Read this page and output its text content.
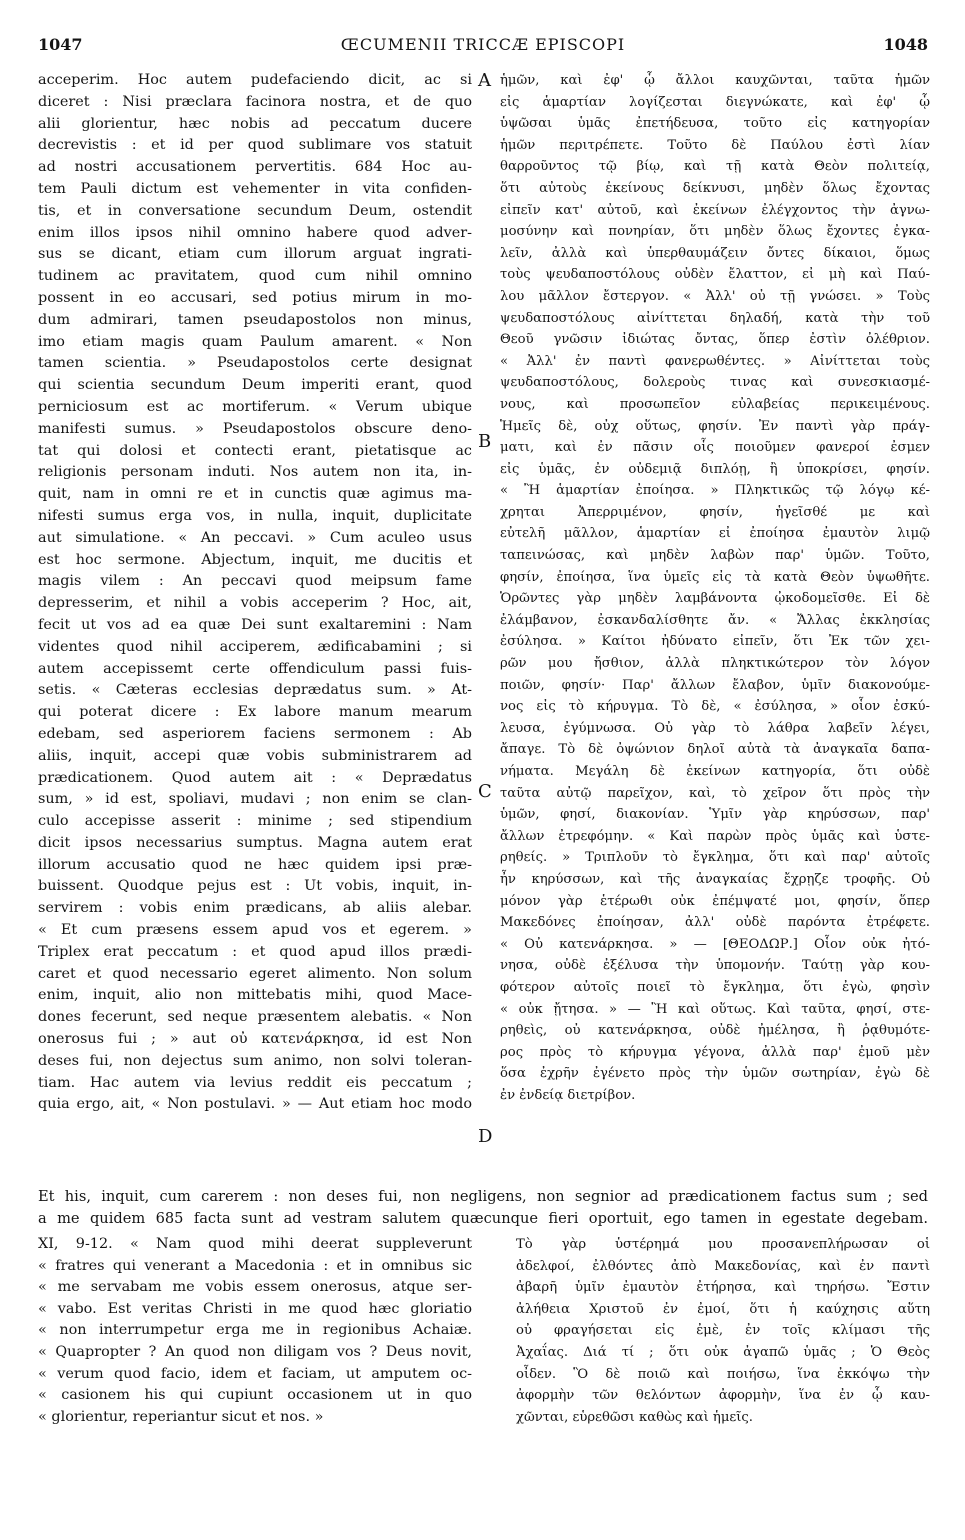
1047	ŒCUMENII TRICCÆ EPISCOPI	1048
A
B
C
D
acceperim. Hoc autem pudefaciendo dicit, ac si
diceret : Nisi præclara facinora nostra, et de quo
alii glorientur, hæc nobis ad peccatum ducere
decrevistis : et id per quod sublimare vos statuit
ad nostri accusationem pervertitis. 684 Hoc au-
tem Pauli dictum est vehementer in vita confiden-
tis, et in conversatione secundum Deum, ostendit
enim illos ipsos nihil omnino habere quod adver-
sus se dicant, etiam cum illorum arguat ingrati-
tudinem ac pravitatem, quod cum nihil omnino
possent in eo accusari, sed potius mirum in mo-
dum admirari, tamen pseudapostolos non minus,
imo etiam magis quam Paulum amarent. « Non
tamen scientia. » Pseudapostolos certe designat
qui scientia secundum Deum imperiti erant, quod
perniciosum est ac mortiferum. « Verum ubique
manifesti sumus. » Pseudapostolos obscure deno-
tat qui dolosi et contecti erant, pietatisque ac
religionis personam induti. Nos autem non ita, in-
quit, nam in omni re et in cunctis quæ agimus ma-
nifesti sumus erga vos, in nulla, inquit, duplicitate
aut simulatione. « An peccavi. » Cum aculeo usus
est hoc sermone. Abjectum, inquit, me ducitis et
magis vilem : An peccavi quod meipsum fame
depresserim, et nihil a vobis acceperim ? Hoc, ait,
fecit ut vos ad ea quæ Dei sunt exaltaremini : Nam
videntes quod nihil acciperem, ædificabamini ; si
autem accepissemt certe offendiculum passi fuis-
setis. « Cæteras ecclesias deprædatus sum. » At-
qui poterat dicere : Ex labore manum mearum
edebam, sed asperiorem faciens sermonem : Ab
aliis, inquit, accepi quæ vobis subministrarem ad
prædicationem. Quod autem ait : « Deprædatus
sum, » id est, spoliavi, mudavi ; non enim se clan-
culo accepisse asserit : minime ; sed stipendium
dicit ipsos necessarius sumptus. Magna autem erat
illorum accusatio quod ne hæc quidem ipsi præ-
buissent. Quodque pejus est : Ut vobis, inquit, in-
servirem : vobis enim prædicans, ab aliis alebar.
« Et cum præsens essem apud vos et egerem. »
Triplex erat peccatum : et quod apud illos prædi-
caret et quod necessario egeret alimento. Non solum
enim, inquit, alio non mittebatis mihi, quod Mace-
dones fecerunt, sed neque præsentem alebatis. « Non
onerosus fui ; » aut οὐ κατενάρκησα, id est Non
deses fui, non dejectus sum animo, non solvi toleran-
tiam. Hac autem via levius reddit eis peccatum ;
quia ergo, ait, « Non postulavi. » — Aut etiam hoc modo
ἡμῶν, καὶ ἐφ' ᾧ ἄλλοι καυχῶνται, ταῦτα ἡμῶν
εἰς ἁμαρτίαν λογίζεσται διεγνώκατε, καὶ ἐφ' ᾧ
ὑψῶσαι ὑμᾶς ἐπετήδευσα, τοῦτο εἰς κατηγορίαν
ἡμῶν περιτρέπετε. Τοῦτο δὲ Παύλου ἐστὶ λίαν
θαρροῦντος τῷ βίῳ, καὶ τῇ κατὰ Θεὸν πολιτείᾳ,
ὅτι αὐτοὺς ἐκείνους δείκνυσι, μηδὲν ὅλως ἔχοντας
εἰπεῖν κατ' αὐτοῦ, καὶ ἐκείνων ἐλέγχοντος τὴν ἀγνω-
μοσύνην καὶ πονηρίαν, ὅτι μηδὲν ὅλως ἔχοντες ἐγκα-
λεῖν, ἀλλὰ καὶ ὑπερθαυμάζειν ὄντες δίκαιοι, ὅμως
τοὺς ψευδαποστόλους οὐδὲν ἔλαττον, εἰ μὴ καὶ Παύ-
λου μᾶλλον ἔστεργον. « Ἀλλ' οὐ τῇ γνώσει. » Τοὺς
ψευδαποστόλους αἰνίττεται δηλαδή, κατὰ τὴν τοῦ
Θεοῦ γνῶσιν ἰδιώτας ὄντας, ὅπερ ἐστὶν ὀλέθριον.
« Ἀλλ' ἐν παντὶ φανερωθέντες. » Αἰνίττεται τοὺς
ψευδαποστόλους, δολεροὺς τινας καὶ συνεσκιασμέ-
νους, καὶ προσωπεῖον εὐλαβείας περικειμένους.
Ἡμεῖς δὲ, οὐχ οὕτως, φησίν. Ἐν παντὶ γὰρ πράγ-
ματι, καὶ ἐν πᾶσιν οἷς ποιοῦμεν φανεροί ἐσμεν
εἰς ὑμᾶς, ἐν οὐδεμιᾷ διπλόῃ, ἢ ὑποκρίσει, φησίν.
« Ἢ ἁμαρτίαν ἐποίησα. » Πληκτικῶς τῷ λόγῳ κέ-
χρηται Ἀπερριμένον, φησίν, ἡγεῖσθέ με καὶ
εὐτελῆ μᾶλλον, ἁμαρτίαν εἰ ἐποίησα ἐμαυτὸν λιμῷ
ταπεινώσας, καὶ μηδὲν λαβὼν παρ' ὑμῶν. Τοῦτο,
φησίν, ἐποίησα, ἵνα ὑμεῖς εἰς τὰ κατὰ Θεὸν ὑψωθῆτε.
Ὁρῶντες γὰρ μηδὲν λαμβάνοντα ᾠκοδομεῖσθε. Εἰ δὲ
ἐλάμβανον, ἐσκανδαλίσθητε ἄν. « Ἄλλας ἐκκλησίας
ἐσύλησα. » Καίτοι ἠδύνατο εἰπεῖν, ὅτι Ἐκ τῶν χει-
ρῶν μου ἤσθιον, ἀλλὰ πληκτικώτερον τὸν λόγον
ποιῶν, φησίν· Παρ' ἄλλων ἔλαβον, ὑμῖν διακονούμε-
νος εἰς τὸ κήρυγμα. Τὸ δὲ, « ἐσύλησα, » οἷον ἐσκύ-
λευσα, ἐγύμνωσα. Οὐ γὰρ τὸ λάθρα λαβεῖν λέγει,
ἄπαγε. Τὸ δὲ ὀψώνιον δηλοῖ αὐτὰ τὰ ἀναγκαῖα δαπα-
νήματα. Μεγάλη δὲ ἐκείνων κατηγορία, ὅτι οὐδὲ
ταῦτα αὐτῷ παρεῖχον, καὶ, τὸ χεῖρον ὅτι πρὸς τὴν
ὑμῶν, φησί, διακονίαν. Ὑμῖν γὰρ κηρύσσων, παρ'
ἄλλων ἐτρεφόμην. « Καὶ παρὼν πρὸς ὑμᾶς καὶ ὑστε-
ρηθείς. » Τριπλοῦν τὸ ἔγκλημα, ὅτι καὶ παρ' αὐτοῖς
ἦν κηρύσσων, καὶ τῆς ἀναγκαίας ἔχρῃζε τροφῆς. Οὐ
μόνον γὰρ ἑτέρωθι οὐκ ἐπέμψατέ μοι, φησίν, ὅπερ
Μακεδόνες ἐποίησαν, ἀλλ' οὐδὲ παρόντα ἐτρέφετε.
« Οὐ κατενάρκησα. » — [ΘΕΟΔΩΡ.] Οἷον οὐκ ἠτό-
νησα, οὐδὲ ἐξέλυσα τὴν ὑπομονήν. Ταύτῃ γὰρ κου-
φότερον αὐτοῖς ποιεῖ τὸ ἔγκλημα, ὅτι ἐγὼ, φησὶν
« οὐκ ᾔτησα. » — Ἢ καὶ οὕτως. Καὶ ταῦτα, φησί, στε-
ρηθεὶς, οὐ κατενάρκησα, οὐδὲ ἠμέλησα, ἢ ῥᾳθυμότε-
ρος πρὸς τὸ κήρυγμα γέγονα, ἀλλὰ παρ' ἐμοῦ μὲν
ὅσα ἐχρῆν ἐγένετο πρὸς τὴν ὑμῶν σωτηρίαν, ἐγὼ δὲ
ἐν ἐνδείᾳ διετρίβον.
Et his, inquit, cum carerem : non deses fui, non negligens, non segnior ad prædicationem factus sum ; sed
a me quidem 685 facta sunt ad vestram salutem quæcunque fieri oportuit, ego tamen in egestate degebam.
XI, 9-12. « Nam quod mihi deerat suppleverunt
« fratres qui venerant a Macedonia : et in omnibus sic
« me servabam me vobis essem onerosus, atque ser-
« vabo. Est veritas Christi in me quod hæc gloriatio
« non interrumpetur erga me in regionibus Achaiæ.
« Quapropter ? An quod non diligam vos ? Deus novit,
« verum quod facio, idem et faciam, ut amputem oc-
« casionem his qui cupiunt occasionem ut in quo
« glorientur, reperiantur sicut et nos. »
Τὸ γὰρ ὑστέρημά μου προσανεπλήρωσαν οἱ
ἀδελφοί, ἐλθόντες ἀπὸ Μακεδονίας, καὶ ἐν παντὶ
ἀβαρῆ ὑμῖν ἐμαυτὸν ἐτήρησα, καὶ τηρήσω. Ἔστιν
ἀλήθεια Χριστοῦ ἐν ἐμοί, ὅτι ἡ καύχησις αὕτη
οὐ φραγήσεται εἰς ἐμὲ, ἐν τοῖς κλίμασι τῆς
Ἀχαΐας. Διά τί ; ὅτι οὐκ ἀγαπῶ ὑμᾶς ; Ὁ Θεὸς
οἶδεν. Ὃ δὲ ποιῶ καὶ ποιήσω, ἵνα ἐκκόψω τὴν
ἀφορμὴν τῶν θελόντων ἀφορμὴν, ἵνα ἐν ᾧ καυ-
χῶνται, εὑρεθῶσι καθὼς καὶ ἡμεῖς.
